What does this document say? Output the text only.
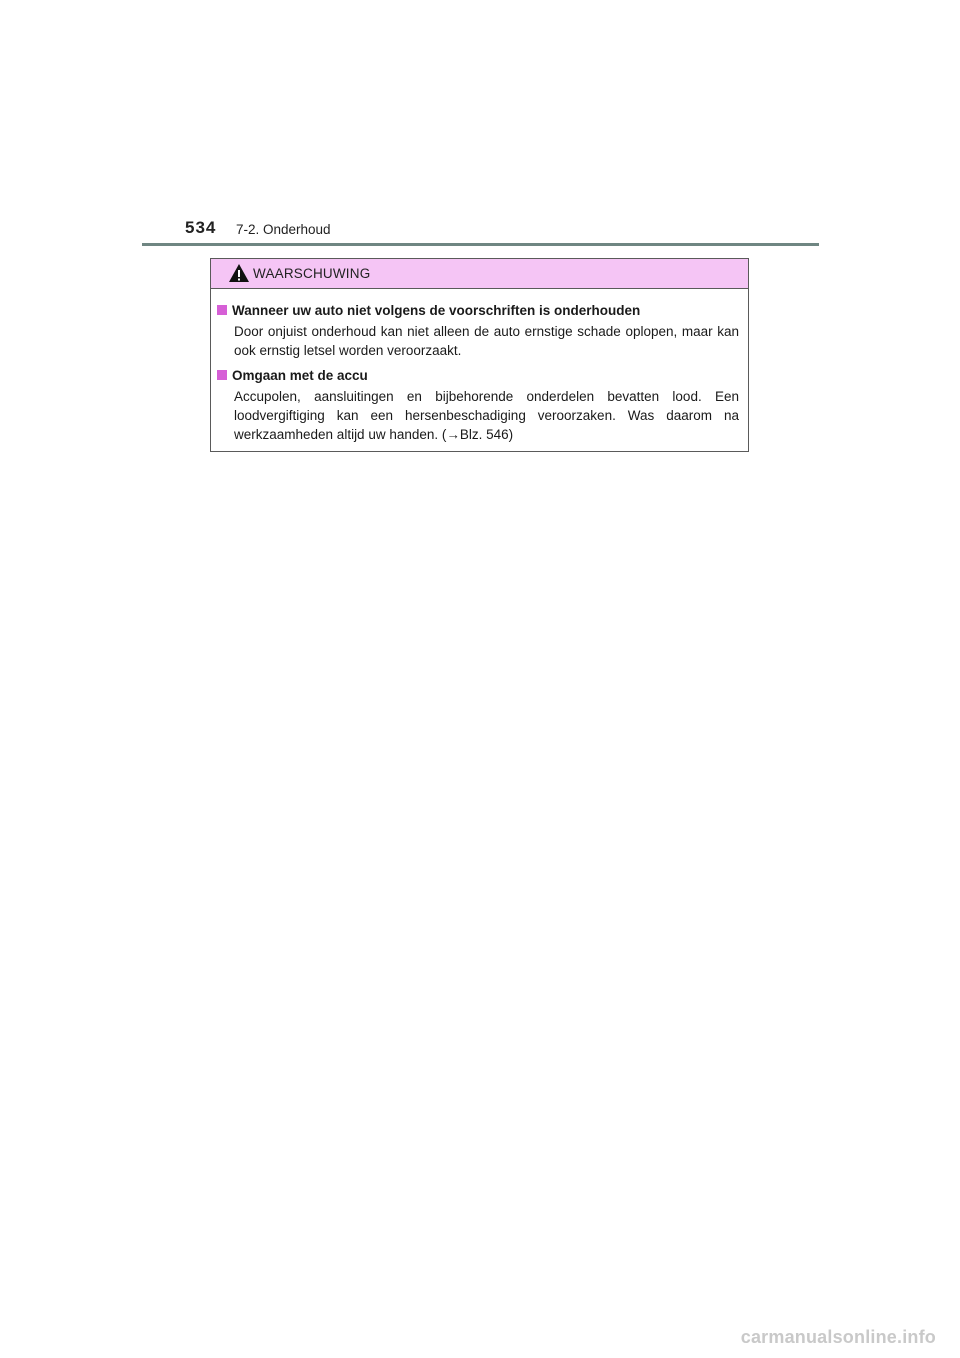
534 7-2. Onderhoud
WAARSCHUWING
Wanneer uw auto niet volgens de voorschriften is onderhouden
Door onjuist onderhoud kan niet alleen de auto ernstige schade oplopen, maar kan ook ernstig letsel worden veroorzaakt.
Omgaan met de accu
Accupolen, aansluitingen en bijbehorende onderdelen bevatten lood. Een loodvergiftiging kan een hersenbeschadiging veroorzaken. Was daarom na werkzaamheden altijd uw handen. (→Blz. 546)
carmanualsonline.info
